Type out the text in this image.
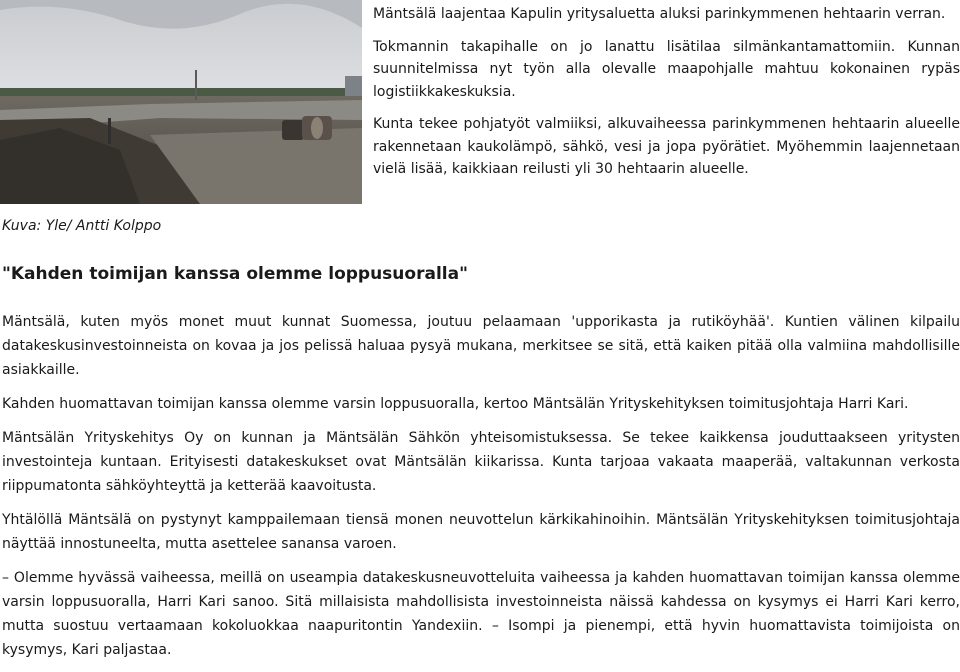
Mäntsälä laajentaa Kapulin yritysaluetta aluksi parinkymmenen hehtaarin verran.

Tokmannin takapihalle on jo lanattu lisätilaa silmänkantamattomiin. Kunnan suunnitelmissa nyt työn alla olevalle maapohjalle mahtuu kokonainen rypäs logistiikkakeskuksia.

Kunta tekee pohjatyöt valmiiksi, alkuvaiheessa parinkymmenen hehtaarin alueelle rakennetaan kaukolämpö, sähkö, vesi ja jopa pyörätiet. Myöhemmin laajennetaan vielä lisää, kaikkiaan reilusti yli 30 hehtaarin alueelle.

Kuva: Yle/ Antti Kolppo
"Kahden toimijan kanssa olemme loppusuoralla"

Mäntsälä, kuten myös monet muut kunnat Suomessa, joutuu pelaamaan 'upporikasta ja rutiköyhää'. Kuntien välinen kilpailu datakeskusinvestoinneista on kovaa ja jos pelissä haluaa pysyä mukana, merkitsee se sitä, että kaiken pitää olla valmiina mahdollisille asiakkaille.

Kahden huomattavan toimijan kanssa olemme varsin loppusuoralla, kertoo Mäntsälän Yrityskehityksen toimitusjohtaja Harri Kari.

Mäntsälän Yrityskehitys Oy on kunnan ja Mäntsälän Sähkön yhteisomistuksessa. Se tekee kaikkensa jouduttaakseen yritysten investointeja kuntaan. Erityisesti datakeskukset ovat Mäntsälän kiikarissa. Kunta tarjoaa vakaata maaperää, valtakunnan verkosta riippumatonta sähköyhteyttä ja ketterää kaavoitusta.

Yhtälöllä Mäntsälä on pystynyt kamppailemaan tiensä monen neuvottelun kärkikahinoihin. Mäntsälän Yrityskehityksen toimitusjohtaja näyttää innostuneelta, mutta asettelee sanansa varoen.

– Olemme hyvässä vaiheessa, meillä on useampia datakeskusneuvotteluita vaiheessa ja kahden huomattavan toimijan kanssa olemme varsin loppusuoralla, Harri Kari sanoo. Sitä millaisista mahdollisista investoinneista näissä kahdessa on kysymys ei Harri Kari kerro, mutta suostuu vertaamaan kokoluokkaa naapuritontin Yandexiin. – Isompi ja pienempi, että hyvin huomattavista toimijoista on kysymys, Kari paljastaa.
